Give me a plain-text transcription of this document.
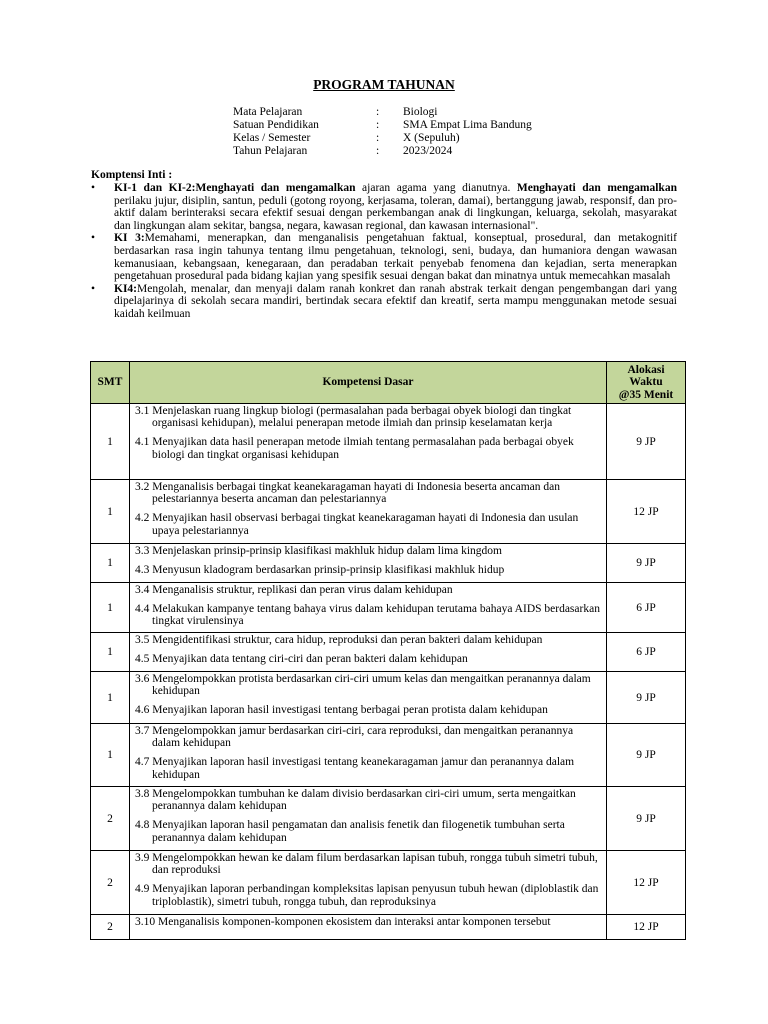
PROGRAM TAHUNAN
Mata Pelajaran	:	Biologi
Satuan Pendidikan	:	SMA Empat Lima Bandung
Kelas / Semester	:	X (Sepuluh)
Tahun Pelajaran	:	2023/2024
Komptensi Inti :
• KI-1 dan KI-2:Menghayati dan mengamalkan ajaran agama yang dianutnya. Menghayati dan mengamalkan perilaku jujur, disiplin, santun, peduli (gotong royong, kerjasama, toleran, damai), bertanggung jawab, responsif, dan pro-aktif dalam berinteraksi secara efektif sesuai dengan perkembangan anak di lingkungan, keluarga, sekolah, masyarakat dan lingkungan alam sekitar, bangsa, negara, kawasan regional, dan kawasan internasional".
• KI 3:Memahami, menerapkan, dan menganalisis pengetahuan faktual, konseptual, prosedural, dan metakognitif berdasarkan rasa ingin tahunya tentang ilmu pengetahuan, teknologi, seni, budaya, dan humaniora dengan wawasan kemanusiaan, kebangsaan, kenegaraan, dan peradaban terkait penyebab fenomena dan kejadian, serta menerapkan pengetahuan prosedural pada bidang kajian yang spesifik sesuai dengan bakat dan minatnya untuk memecahkan masalah
• KI4:Mengolah, menalar, dan menyaji dalam ranah konkret dan ranah abstrak terkait dengan pengembangan dari yang dipelajarinya di sekolah secara mandiri, bertindak secara efektif dan kreatif, serta mampu menggunakan metode sesuai kaidah keilmuan
SMT	Kompetensi Dasar	Alokasi
Waktu
@35 Menit
1	3.1 Menjelaskan ruang lingkup biologi (permasalahan pada berbagai obyek biologi dan tingkat organisasi kehidupan), melalui penerapan metode ilmiah dan prinsip keselamatan kerja

4.1 Menyajikan data hasil penerapan metode ilmiah tentang permasalahan pada berbagai obyek biologi dan tingkat organisasi kehidupan	9 JP
1	3.2 Menganalisis berbagai tingkat keanekaragaman hayati di Indonesia beserta ancaman dan pelestariannya beserta ancaman dan pelestariannya

4.2 Menyajikan hasil observasi berbagai tingkat keanekaragaman hayati di Indonesia dan usulan upaya pelestariannya	12 JP
1	3.3 Menjelaskan prinsip-prinsip klasifikasi makhluk hidup dalam lima kingdom

4.3 Menyusun kladogram berdasarkan prinsip-prinsip klasifikasi makhluk hidup	9 JP
1	3.4 Menganalisis struktur, replikasi dan peran virus dalam kehidupan

4.4 Melakukan kampanye tentang bahaya virus dalam kehidupan terutama bahaya AIDS berdasarkan tingkat virulensinya	6 JP
1	3.5 Mengidentifikasi struktur, cara hidup, reproduksi dan peran bakteri dalam kehidupan

4.5 Menyajikan data tentang ciri-ciri dan peran bakteri dalam kehidupan	6 JP
1	3.6 Mengelompokkan protista berdasarkan ciri-ciri umum kelas dan mengaitkan peranannya dalam kehidupan

4.6 Menyajikan laporan hasil investigasi tentang berbagai peran protista dalam kehidupan	9 JP
1	3.7 Mengelompokkan jamur berdasarkan ciri-ciri, cara reproduksi, dan mengaitkan peranannya dalam kehidupan

4.7 Menyajikan laporan hasil investigasi tentang keanekaragaman jamur dan peranannya dalam kehidupan	9 JP
2	3.8 Mengelompokkan tumbuhan ke dalam divisio berdasarkan ciri-ciri umum, serta mengaitkan peranannya dalam kehidupan

4.8 Menyajikan laporan hasil pengamatan dan analisis fenetik dan filogenetik tumbuhan serta peranannya dalam kehidupan	9 JP
2	3.9 Mengelompokkan hewan ke dalam filum berdasarkan lapisan tubuh, rongga tubuh simetri tubuh, dan reproduksi

4.9 Menyajikan laporan perbandingan kompleksitas lapisan penyusun tubuh hewan (diploblastik dan triploblastik), simetri tubuh, rongga tubuh, dan reproduksinya	12 JP
2	3.10 Menganalisis komponen-komponen ekosistem dan interaksi antar komponen tersebut	12 JP
